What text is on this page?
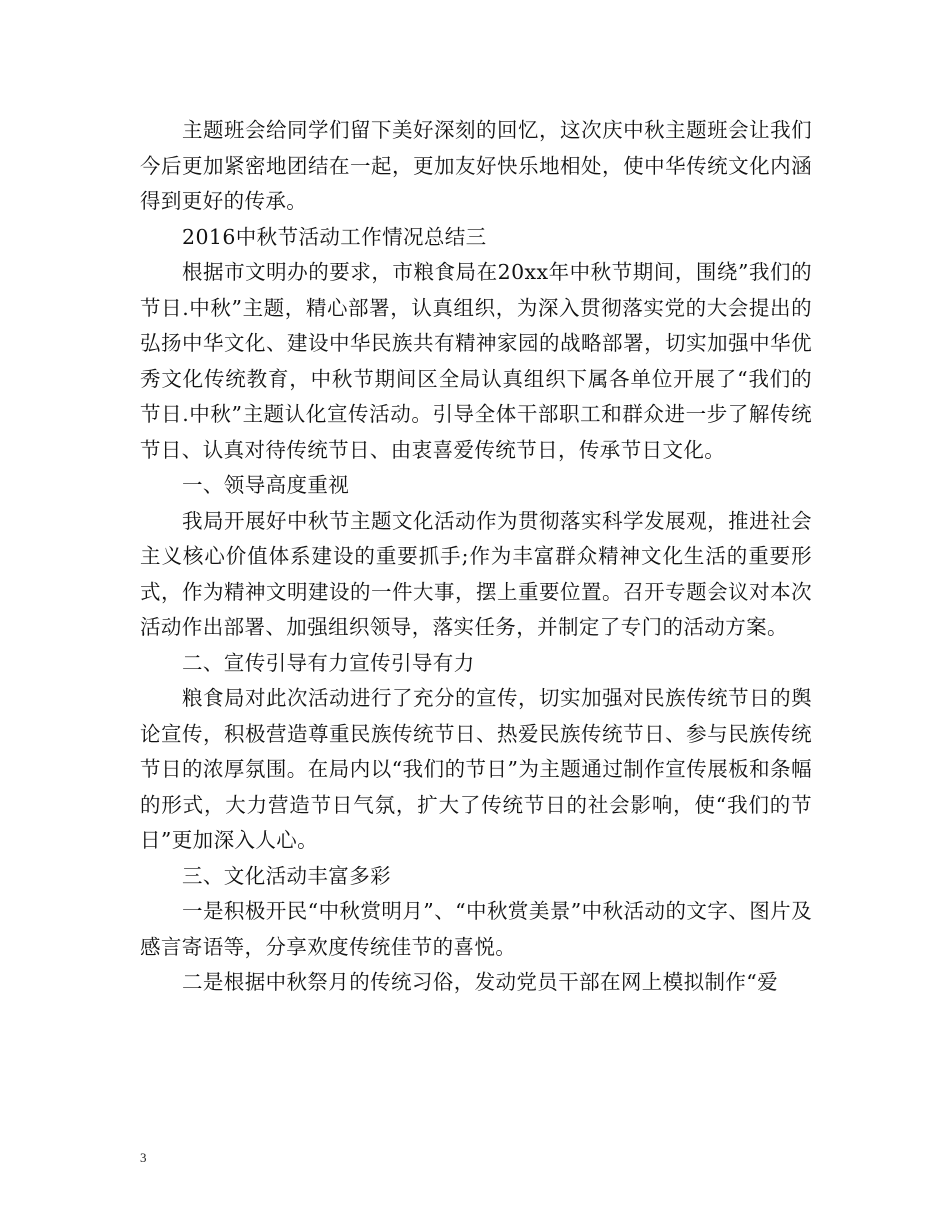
主题班会给同学们留下美好深刻的回忆，这次庆中秋主题班会让我们今后更加紧密地团结在一起，更加友好快乐地相处，使中华传统文化内涵得到更好的传承。

2016中秋节活动工作情况总结三

根据市文明办的要求，市粮食局在20xx年中秋节期间，围绕”我们的节日.中秋”主题，精心部署，认真组织，为深入贯彻落实党的大会提出的弘扬中华文化、建设中华民族共有精神家园的战略部署，切实加强中华优秀文化传统教育，中秋节期间区全局认真组织下属各单位开展了“我们的节日.中秋”主题认化宣传活动。引导全体干部职工和群众进一步了解传统节日、认真对待传统节日、由衷喜爱传统节日，传承节日文化。

一、领导高度重视

我局开展好中秋节主题文化活动作为贯彻落实科学发展观，推进社会主义核心价值体系建设的重要抓手;作为丰富群众精神文化生活的重要形式，作为精神文明建设的一件大事，摆上重要位置。召开专题会议对本次活动作出部署、加强组织领导，落实任务，并制定了专门的活动方案。

二、宣传引导有力宣传引导有力

粮食局对此次活动进行了充分的宣传，切实加强对民族传统节日的舆论宣传，积极营造尊重民族传统节日、热爱民族传统节日、参与民族传统节日的浓厚氛围。在局内以“我们的节日”为主题通过制作宣传展板和条幅的形式，大力营造节日气氛，扩大了传统节日的社会影响，使“我们的节日”更加深入人心。

三、文化活动丰富多彩

一是积极开民“中秋赏明月”、“中秋赏美景”中秋活动的文字、图片及感言寄语等，分享欢度传统佳节的喜悦。

二是根据中秋祭月的传统习俗，发动党员干部在网上模拟制作“爱

3
